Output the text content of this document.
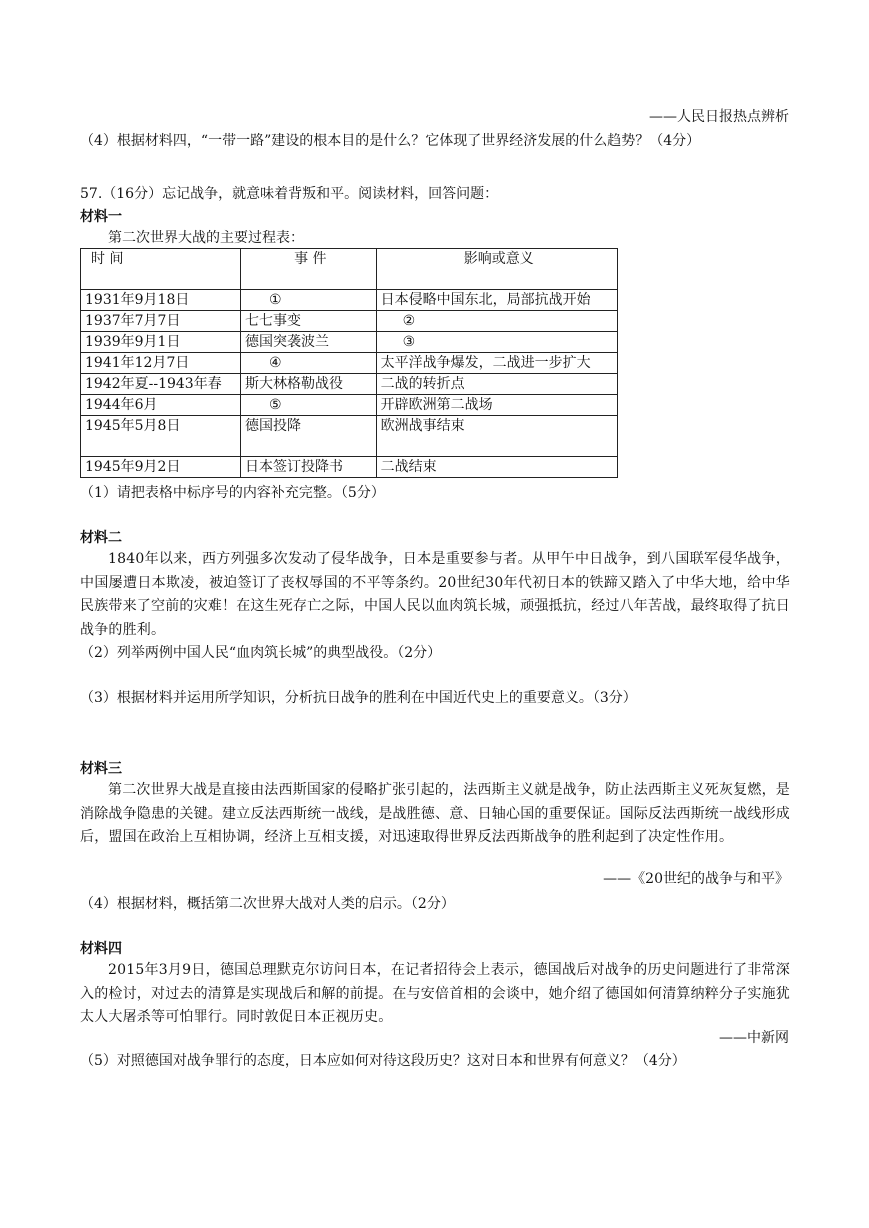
——人民日报热点辨析
（4）根据材料四，“一带一路”建设的根本目的是什么？它体现了世界经济发展的什么趋势？（4分）
57.（16分）忘记战争，就意味着背叛和平。阅读材料，回答问题：
材料一
第二次世界大战的主要过程表：
时 间	事 件	影响或意义
1931年9月18日	①	日本侵略中国东北，局部抗战开始
1937年7月7日	七七事变	②
1939年9月1日	德国突袭波兰	③
1941年12月7日	④	太平洋战争爆发，二战进一步扩大
1942年夏--1943年春	斯大林格勒战役	二战的转折点
1944年6月	⑤	开辟欧洲第二战场
1945年5月8日	德国投降	欧洲战事结束
1945年9月2日	日本签订投降书	二战结束
（1）请把表格中标序号的内容补充完整。（5分）
材料二
1840年以来，西方列强多次发动了侵华战争，日本是重要参与者。从甲午中日战争，到八国联军侵华战争，中国屡遭日本欺凌，被迫签订了丧权辱国的不平等条约。20世纪30年代初日本的铁蹄又踏入了中华大地，给中华民族带来了空前的灾难！在这生死存亡之际，中国人民以血肉筑长城，顽强抵抗，经过八年苦战，最终取得了抗日战争的胜利。
（2）列举两例中国人民“血肉筑长城”的典型战役。（2分）
（3）根据材料并运用所学知识，分析抗日战争的胜利在中国近代史上的重要意义。（3分）
材料三
第二次世界大战是直接由法西斯国家的侵略扩张引起的，法西斯主义就是战争，防止法西斯主义死灰复燃，是消除战争隐患的关键。建立反法西斯统一战线，是战胜德、意、日轴心国的重要保证。国际反法西斯统一战线形成后，盟国在政治上互相协调，经济上互相支援，对迅速取得世界反法西斯战争的胜利起到了决定性作用。
——《20世纪的战争与和平》
（4）根据材料，概括第二次世界大战对人类的启示。（2分）
材料四
2015年3月9日，德国总理默克尔访问日本，在记者招待会上表示，德国战后对战争的历史问题进行了非常深入的检讨，对过去的清算是实现战后和解的前提。在与安倍首相的会谈中，她介绍了德国如何清算纳粹分子实施犹太人大屠杀等可怕罪行。同时敦促日本正视历史。
——中新网
（5）对照德国对战争罪行的态度，日本应如何对待这段历史？这对日本和世界有何意义？（4分）
